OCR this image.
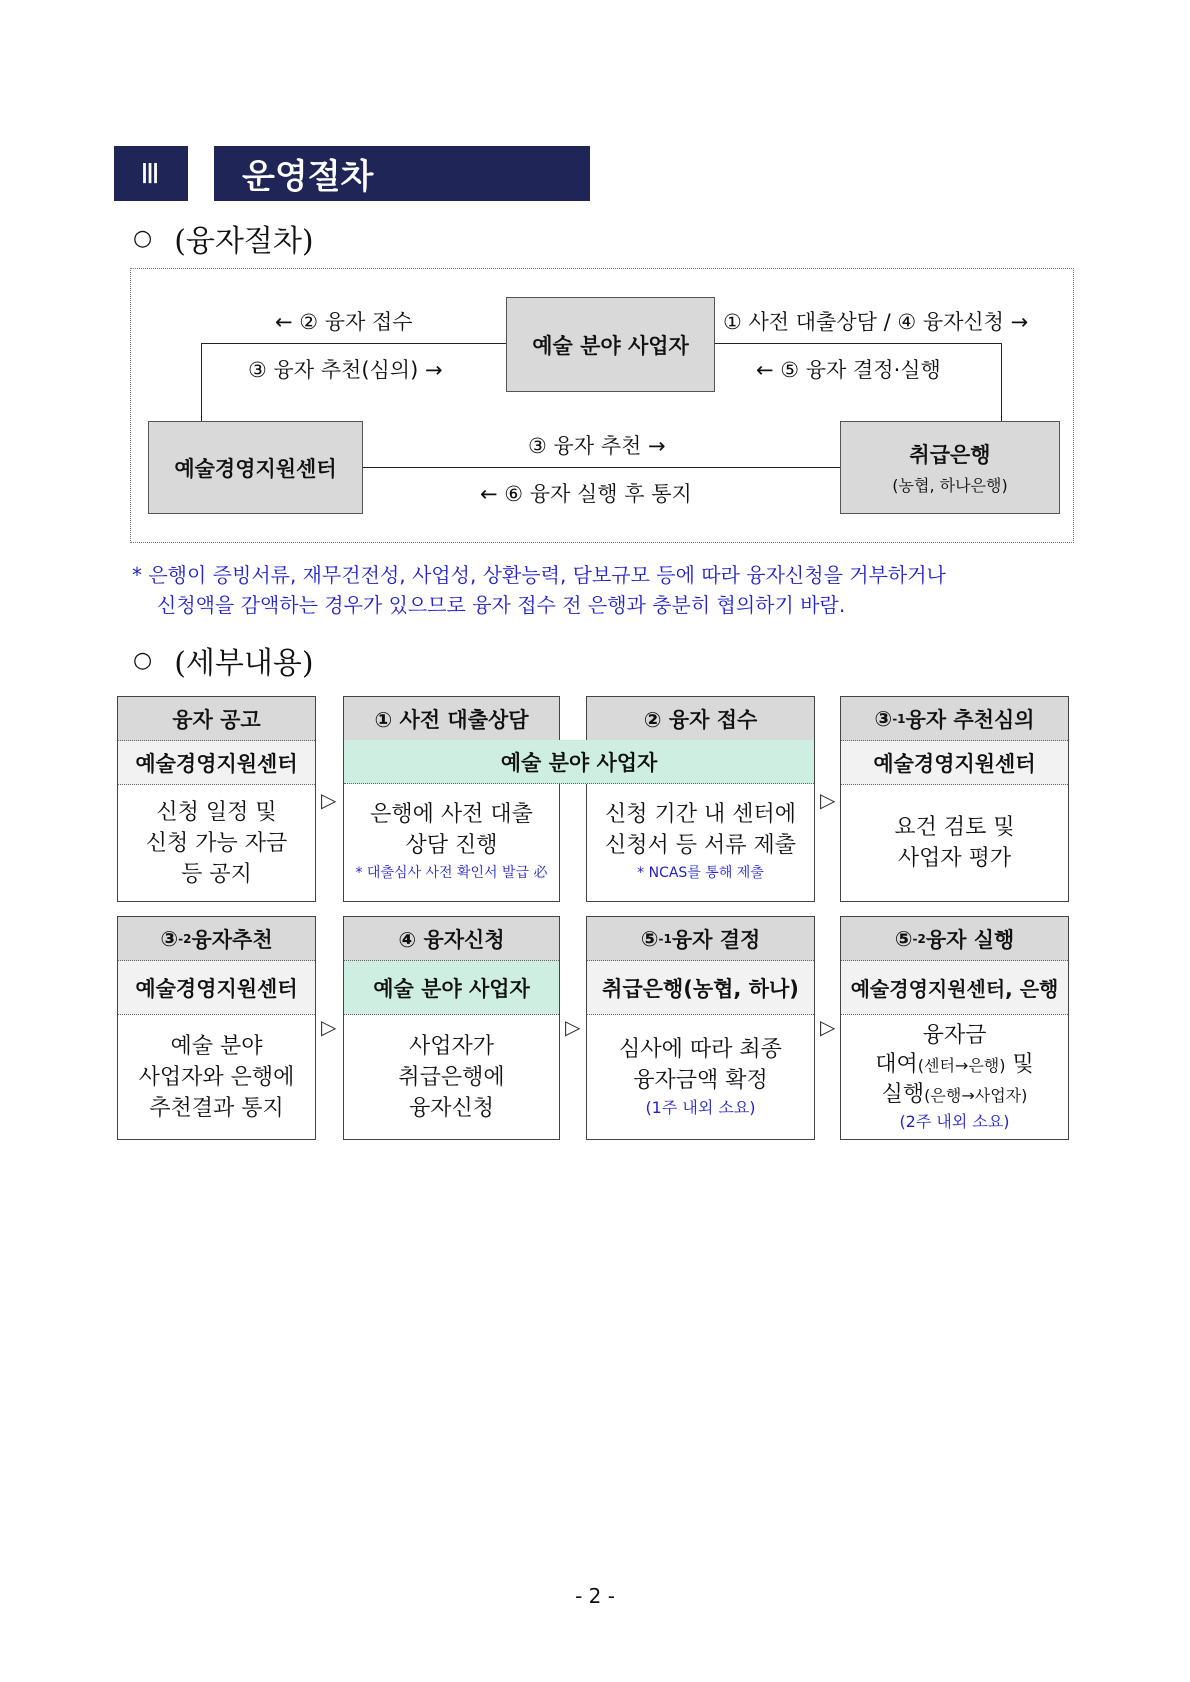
Ⅲ	운영절차
○ (융자절차)
예술 분야 사업자
예술경영지원센터
취급은행
(농협, 하나은행)
← ② 융자 접수
③ 융자 추천(심의) →
① 사전 대출상담 / ④ 융자신청 →
← ⑤ 융자 결정·실행
③ 융자 추천 →
← ⑥ 융자 실행 후 통지
* 은행이 증빙서류, 재무건전성, 사업성, 상환능력, 담보규모 등에 따라 융자신청을 거부하거나
신청액을 감액하는 경우가 있으므로 융자 접수 전 은행과 충분히 협의하기 바람.
○ (세부내용)
융자 공고
예술경영지원센터
신청 일정 및
신청 가능 자금
등 공지
▷
① 사전 대출상담	② 융자 접수
예술 분야 사업자
은행에 사전 대출
상담 진행
* 대출심사 사전 확인서 발급 必
신청 기간 내 센터에
신청서 등 서류 제출
* NCAS를 통해 제출
▷
③ -1 융자 추천심의
예술경영지원센터
요건 검토 및
사업자 평가
③ -2 융자추천
예술경영지원센터
예술 분야
사업자와 은행에
추천결과 통지
▷
④ 융자신청
예술 분야 사업자
사업자가
취급은행에
융자신청
▷
⑤ -1 융자 결정
취급은행(농협, 하나)
심사에 따라 최종
융자금액 확정
(1주 내외 소요)
▷
⑤ -2 융자 실행
예술경영지원센터, 은행
융자금
대여(센터→은행) 및
실행(은행→사업자)
(2주 내외 소요)
- 2 -
